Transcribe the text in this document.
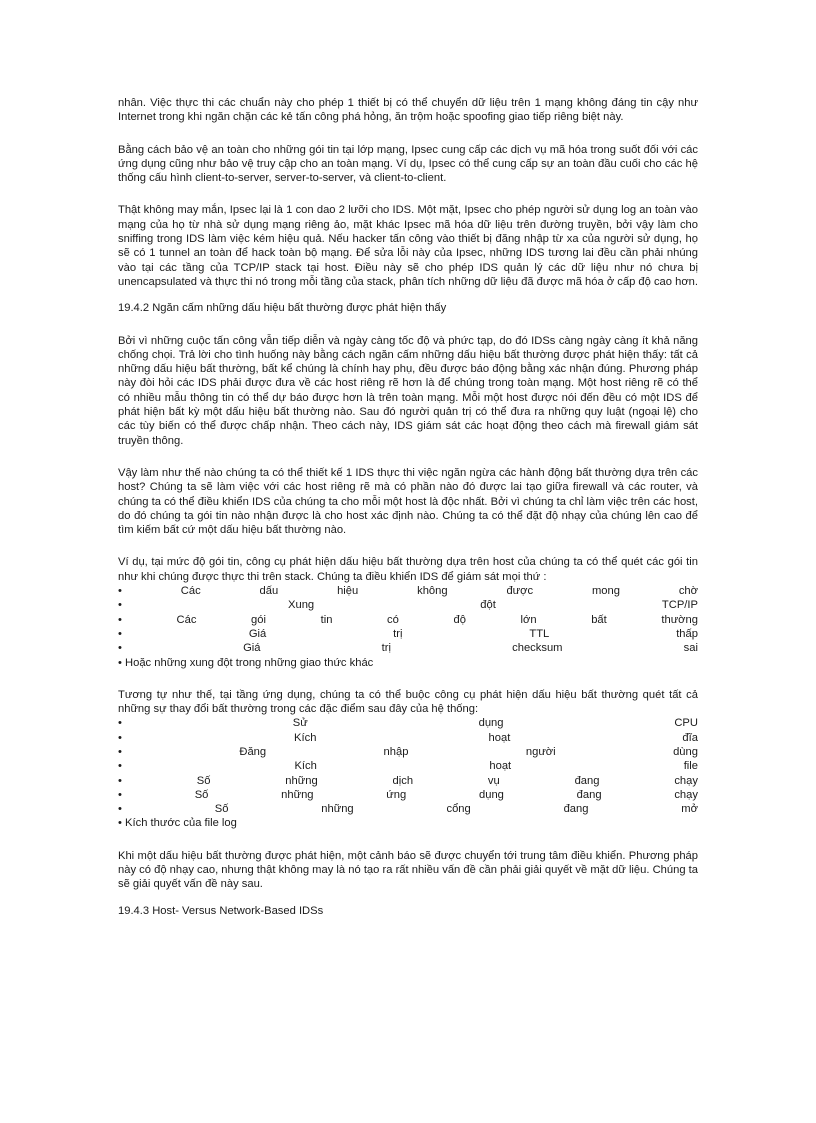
nhân. Việc thực thi các chuẩn này cho phép 1 thiết bị có thể chuyển dữ liệu trên 1 mạng không đáng tin cậy như Internet trong khi ngăn chặn các kẻ tấn công phá hỏng, ăn trộm hoặc spoofing giao tiếp riêng biệt này.

Bằng cách bảo vệ an toàn cho những gói tin tại lớp mạng, Ipsec cung cấp các dịch vụ mã hóa trong suốt đối với các ứng dụng cũng như bảo vệ truy cập cho an toàn mạng. Ví dụ, Ipsec có thể cung cấp sự an toàn đầu cuối cho các hệ thống cấu hình client-to-server, server-to-server, và client-to-client.

Thật không may mắn, Ipsec lại là 1 con dao 2 lưỡi cho IDS. Một mặt, Ipsec cho phép người sử dụng log an toàn vào mạng của họ từ nhà sử dụng mạng riêng ảo, mặt khác Ipsec mã hóa dữ liệu trên đường truyền, bởi vậy làm cho sniffing trong IDS làm việc kém hiệu quả. Nếu hacker tấn công vào thiết bị đăng nhập từ xa của người sử dụng, họ sẽ có 1 tunnel an toàn để hack toàn bộ mạng. Để sửa lỗi này của Ipsec, những IDS tương lai đều cần phải nhúng vào tại các tầng của TCP/IP stack tại host. Điều này sẽ cho phép IDS quản lý các dữ liệu như nó chưa bị unencapsulated và thực thi nó trong mỗi tầng của stack, phân tích những dữ liệu đã được mã hóa ở cấp độ cao hơn.

19.4.2 Ngăn cấm những dấu hiệu bất thường được phát hiện thấy

Bởi vì những cuộc tấn công vẫn tiếp diễn và ngày càng tốc độ và phức tạp, do đó IDSs càng ngày càng ít khả năng chống chọi. Trả lời cho tình huống này bằng cách ngăn cấm những dấu hiệu bất thường được phát hiện thấy: tất cả những dấu hiệu bất thường, bất kể chúng là chính hay phụ, đều được báo động bằng xác nhận đúng. Phương pháp này đòi hỏi các IDS phải được đưa về các host riêng rẽ hơn là để chúng trong toàn mạng. Một host riêng rẽ có thể có nhiều mẫu thông tin có thể dự báo được hơn là trên toàn mạng. Mỗi một host được nói đến đều có một IDS để phát hiện bất kỳ một dấu hiệu bất thường nào. Sau đó người quản trị có thể đưa ra những quy luật (ngoại lệ) cho các tùy biến có thể được chấp nhận. Theo cách này, IDS giám sát các hoạt động theo cách mà firewall giám sát truyền thông.

Vậy làm như thế nào chúng ta có thể thiết kế 1 IDS thực thi việc ngăn ngừa các hành động bất thường dựa trên các host? Chúng ta sẽ làm việc với các host riêng rẽ mà có phần nào đó được lai tạo giữa firewall và các router, và chúng ta có thể điều khiển IDS của chúng ta cho mỗi một host là độc nhất. Bởi vì chúng ta chỉ làm việc trên các host, do đó chúng ta gói tin nào nhận được là cho host xác định nào. Chúng ta có thể đặt độ nhạy của chúng lên cao để tìm kiếm bất cứ một dấu hiệu bất thường nào.

Ví dụ, tại mức độ gói tin, công cụ phát hiện dấu hiệu bất thường dựa trên host của chúng ta có thể quét các gói tin như khi chúng được thực thi trên stack. Chúng ta điều khiển IDS để giám sát mọi thứ :

•	Các	dấu	hiệu	không	được	mong	chờ
•	Xung	đột	TCP/IP
•	Các	gói	tin	có	độ	lớn	bất	thường
•	Giá	trị	TTL	thấp
•	Giá	trị	checksum	sai

• Hoặc những xung đột trong những giao thức khác

Tương tự như thế, tại tầng ứng dụng, chúng ta có thể buộc công cụ phát hiện dấu hiệu bất thường quét tất cả những sự thay đổi bất thường trong các đặc điểm sau đây của hệ thống:

•	Sử	dụng	CPU
•	Kích	hoạt	đĩa
•	Đăng	nhập	người	dùng
•	Kích	hoạt	file
•	Số	những	dịch	vụ	đang	chạy
•	Số	những	ứng	dụng	đang	chạy
•	Số	những	cổng	đang	mở

• Kích thước của file log

Khi một dấu hiệu bất thường được phát hiện, một cảnh báo sẽ được chuyển tới trung tâm điều khiển. Phương pháp này có độ nhạy cao, nhưng thật không may là nó tạo ra rất nhiều vấn đề cần phải giải quyết về mặt dữ liệu. Chúng ta sẽ giải quyết vấn đề này sau.

19.4.3 Host- Versus Network-Based IDSs
